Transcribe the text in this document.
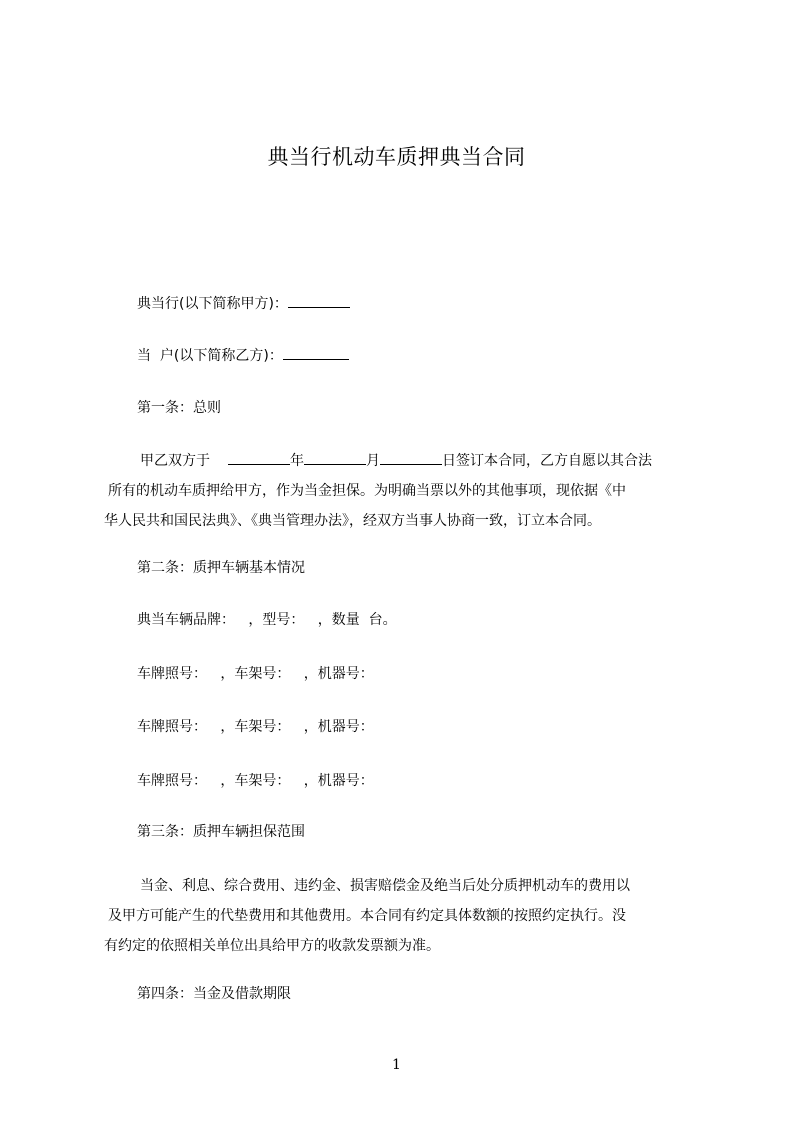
典当行机动车质押典当合同
典当行(以下简称甲方)：
当  户(以下简称乙方)：
第一条：总则
甲乙双方于	年	月	日签订本合同，乙方自愿以其合法
所有的机动车质押给甲方，作为当金担保。为明确当票以外的其他事项，现依据《中
华人民共和国民法典》、《典当管理办法》，经双方当事人协商一致，订立本合同。
第二条：质押车辆基本情况
典当车辆品牌：   ，型号：   ，数量  台。
车牌照号：   ，车架号：   ，机器号：
车牌照号：   ，车架号：   ，机器号：
车牌照号：   ，车架号：   ，机器号：
第三条：质押车辆担保范围
当金、利息、综合费用、违约金、损害赔偿金及绝当后处分质押机动车的费用以
及甲方可能产生的代垫费用和其他费用。本合同有约定具体数额的按照约定执行。没
有约定的依照相关单位出具给甲方的收款发票额为准。
第四条：当金及借款期限
1
